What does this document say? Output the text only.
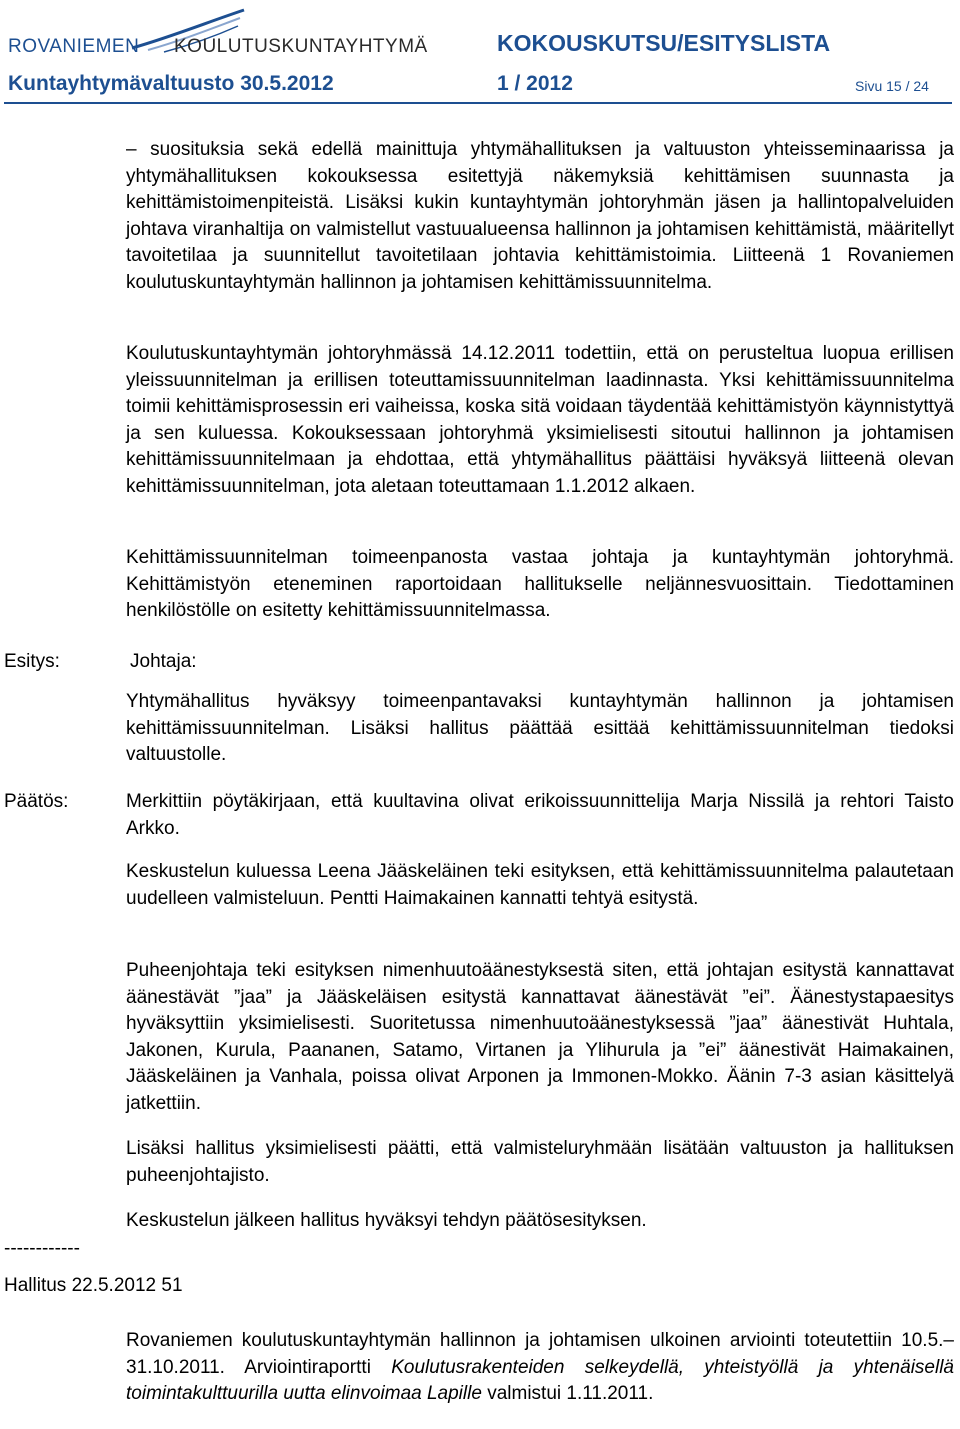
ROVANIEMEN KOULUTUSKUNTAYHTYMÄ	KOKOUSKUTSU/ESITYSLISTA
Kuntayhtymävaltuusto 30.5.2012	1 / 2012	Sivu 15 / 24

– suosituksia sekä edellä mainittuja yhtymähallituksen ja valtuuston yhteisseminaarissa ja yhtymähallituksen kokouksessa esitettyjä näkemyksiä kehittämisen suunnasta ja kehittämistoimenpiteistä. Lisäksi kukin kuntayhtymän johtoryhmän jäsen ja hallintopalveluiden johtava viranhaltija on valmistellut vastuualueensa hallinnon ja johtamisen kehittämistä, määritellyt tavoitetilaa ja suunnitellut tavoitetilaan johtavia kehittämistoimia. Liitteenä 1 Rovaniemen koulutuskuntayhtymän hallinnon ja johtamisen kehittämissuunnitelma.

Koulutuskuntayhtymän johtoryhmässä 14.12.2011 todettiin, että on perusteltua luopua erillisen yleissuunnitelman ja erillisen toteuttamissuunnitelman laadinnasta. Yksi kehittämissuunnitelma toimii kehittämisprosessin eri vaiheissa, koska sitä voidaan täydentää kehittämistyön käynnistyttyä ja sen kuluessa. Kokouksessaan johtoryhmä yksimielisesti sitoutui hallinnon ja johtamisen kehittämissuunnitelmaan ja ehdottaa, että yhtymähallitus päättäisi hyväksyä liitteenä olevan kehittämissuunnitelman, jota aletaan toteuttamaan 1.1.2012 alkaen.

Kehittämissuunnitelman toimeenpanosta vastaa johtaja ja kuntayhtymän johtoryhmä. Kehittämistyön eteneminen raportoidaan hallitukselle neljännesvuosittain. Tiedottaminen henkilöstölle on esitetty kehittämissuunnitelmassa.

Esitys:	Johtaja:

Yhtymähallitus hyväksyy toimeenpantavaksi kuntayhtymän hallinnon ja johtamisen kehittämissuunnitelman. Lisäksi hallitus päättää esittää kehittämissuunnitelman tiedoksi valtuustolle.

Päätös:	Merkittiin pöytäkirjaan, että kuultavina olivat erikoissuunnittelija Marja Nissilä ja rehtori Taisto Arkko.

Keskustelun kuluessa Leena Jääskeläinen teki esityksen, että kehittämissuunnitelma palautetaan uudelleen valmisteluun. Pentti Haimakainen kannatti tehtyä esitystä.

Puheenjohtaja teki esityksen nimenhuutoäänestyksestä siten, että johtajan esitystä kannattavat äänestävät ”jaa” ja Jääskeläisen esitystä kannattavat äänestävät ”ei”. Äänestystapaesitys hyväksyttiin yksimielisesti. Suoritetussa nimenhuutoäänestyksessä ”jaa” äänestivät Huhtala, Jakonen, Kurula, Paananen, Satamo, Virtanen ja Ylihurula ja ”ei” äänestivät Haimakainen, Jääskeläinen ja Vanhala, poissa olivat Arponen ja Immonen-Mokko. Äänin 7-3 asian käsittelyä jatkettiin.

Lisäksi hallitus yksimielisesti päätti, että valmisteluryhmään lisätään valtuuston ja hallituksen puheenjohtajisto.

Keskustelun jälkeen hallitus hyväksyi tehdyn päätösesityksen.

------------
Hallitus 22.5.2012 51

Rovaniemen koulutuskuntayhtymän hallinnon ja johtamisen ulkoinen arviointi toteutettiin 10.5.–31.10.2011. Arviointiraportti Koulutusrakenteiden selkeydellä, yhteistyöllä ja yhtenäisellä toimintakulttuurilla uutta elinvoimaa Lapille valmistui 1.11.2011.
